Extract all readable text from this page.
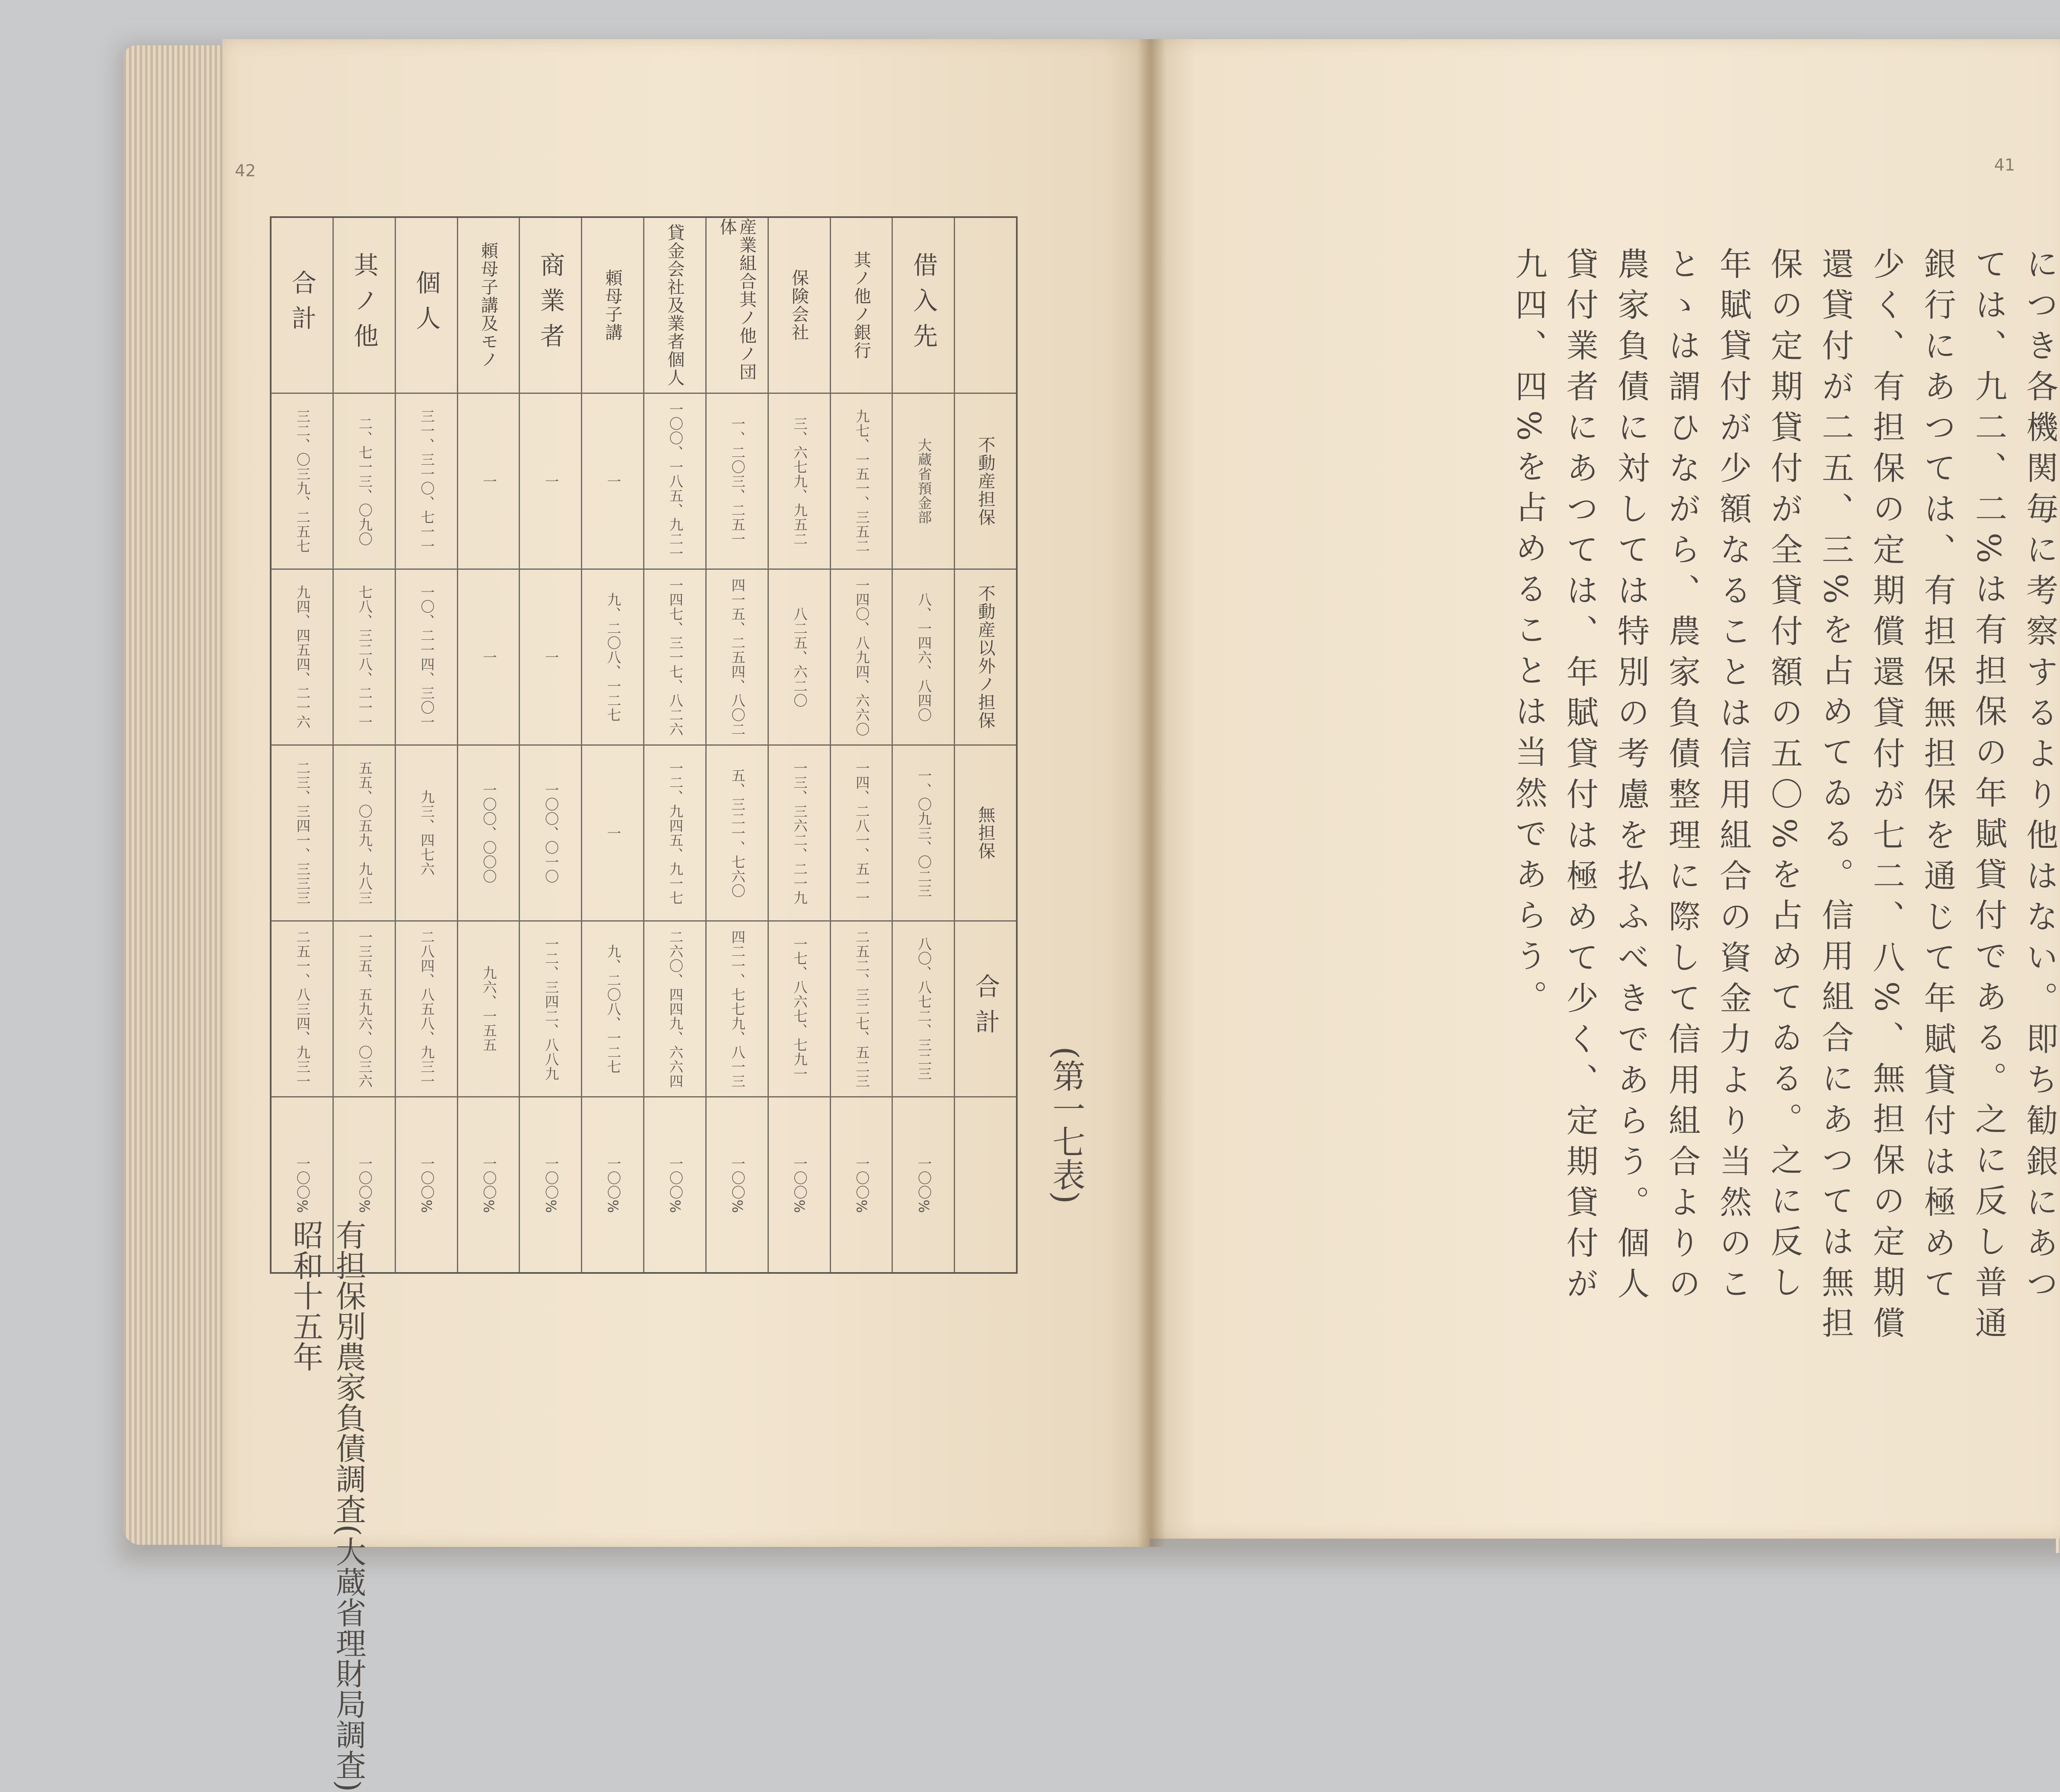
42	41

につき各機関毎に考察するより他はない。即ち勧銀にあつ

ては、九二、二%は有担保の年賦貸付である。之に反し普通

銀行にあつては、有担保無担保を通じて年賦貸付は極めて

少く、有担保の定期償還貸付が七二、八%、無担保の定期償

還貸付が二五、三%を占めてゐる。信用組合にあつては無担

保の定期貸付が全貸付額の五〇%を占めてゐる。之に反し

年賦貸付が少額なることは信用組合の資金力より当然のこ

とゝは謂ひながら、農家負債整理に際して信用組合よりの

農家負債に対しては特別の考慮を払ふべきであらう。個人

貸付業者にあつては、年賦貸付は極めて少く、定期貸付が

九四、四%を占めることは当然であらう。

(第一七表)

有担保別農家負債調査(大蔵省理財局調査)

昭和十五年

不動産担保
不動産以外ノ担保
無担保
合計
借入先
大蔵省預金部
八、一四六、八四〇
一、〇九三、〇二三
八〇、八七二、三二三
一〇〇%
其ノ他ノ銀行
九七、一五一、三五二
一四〇、八九四、六六〇
一四、二八一、五一一
二五二、三二七、五二三
一〇〇%
保険会社
三、六七九、九五二
八二五、六二〇
一三、三六二、二一九
一七、八六七、七九一
一〇〇%
産業組合其ノ他ノ団体
一、二〇三、二五一
四一五、二五四、八〇二
五、三二一、七六〇
四二一、七七九、八一三
一〇〇%
貸金会社及業者個人
一〇〇、一八五、九二一
一四七、三一七、八二六
一二、九四五、九一七
二六〇、四四九、六六四
一〇〇%
頼母子講
一
九、二〇八、一二七
一
九、二〇八、一二七
一〇〇%
商業者
一
一
一〇〇、〇一〇
一二、三四二、八八九
一〇〇%
頼母子講及モノ
一
一
一〇〇、〇〇〇
九六、一五五
一〇〇%
個人
三一、三一〇、七一一
一〇、二一四、三〇一
九三、四七六
二八四、八五八、九三一
一〇〇%
其ノ他
二、七一三、〇九〇
七八、三二八、二一一
五五、〇五九、九八三
一三五、五九六、〇三六
一〇〇%
合計
三二、〇三九、二五七
九四、四五四、二一六
二三、三四一、三三三
二五一、八三四、九三一
一〇〇%
